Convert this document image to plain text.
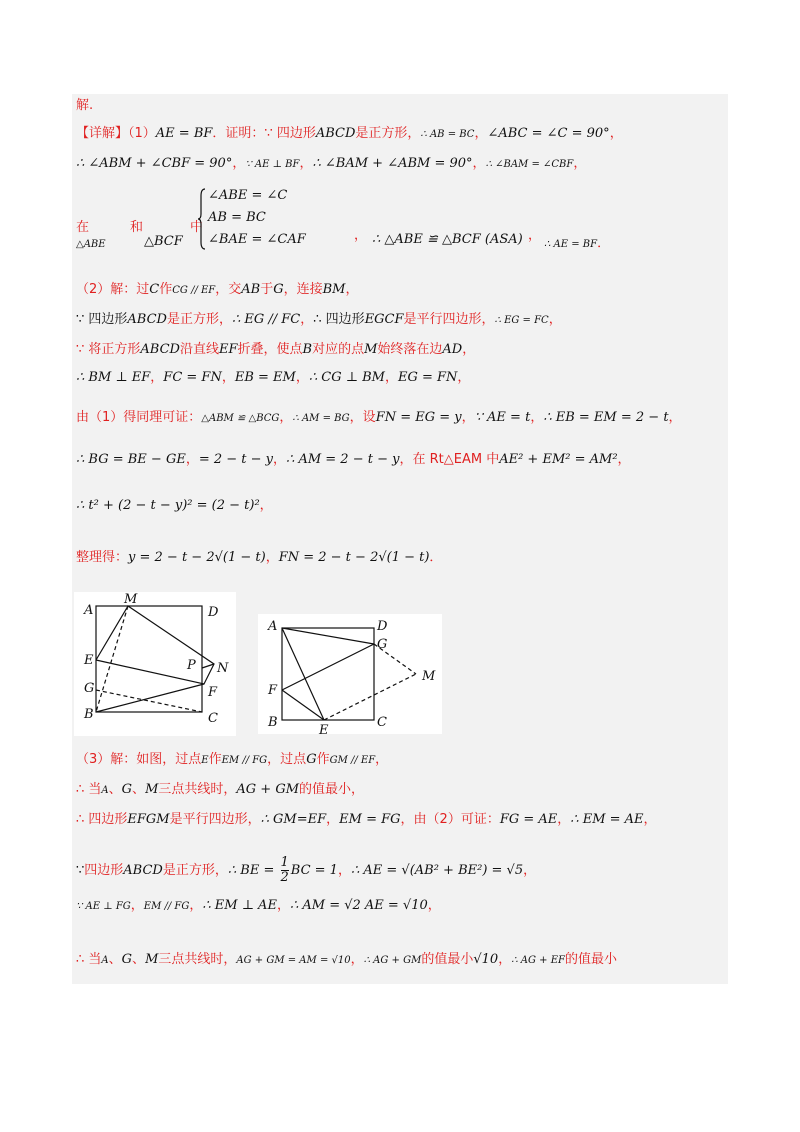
解.
【详解】（1）AE = BF．证明：∵ 四边形ABCD是正方形，∴ AB = BC，∠ABC = ∠C = 90°，
∴ ∠ABM + ∠CBF = 90°，∵ AE ⊥ BF，∴ ∠BAM + ∠ABM = 90°，∴ ∠BAM = ∠CBF，
在
△ABE
和
△BCF
中
∠ABE = ∠C
AB = BC
∠BAE = ∠CAF	， ∴ △ABE ≌ △BCF (ASA) ，
∴ AE = BF．
（2）解：过C作CG // EF，交AB于G，连接BM，
∵ 四边形ABCD是正方形，∴ EG // FC，∴ 四边形EGCF是平行四边形，∴ EG = FC，
∵ 将正方形ABCD沿直线EF折叠，使点B对应的点M始终落在边AD，
∴ BM ⊥ EF，FC = FN，EB = EM，∴ CG ⊥ BM，EG = FN，
由（1）得同理可证：△ABM ≌ △BCG，∴ AM = BG，设FN = EG = y，∵ AE = t，∴ EB = EM = 2 − t，
∴ BG = BE − GE，= 2 − t − y，∴ AM = 2 − t − y，在 Rt△EAM 中AE² + EM² = AM²，
∴ t² + (2 − t − y)² = (2 − t)²，
整理得：y = 2 − t − 2√(1 − t)，FN = 2 − t − 2√(1 − t)．
A
M
D
E
G
P N
F
B	C
A	D
G
M
F
B
E
C
（3）解：如图，过点E作EM // FG，过点G作GM // EF，
∴ 当A、G、M三点共线时，AG + GM的值最小，
∴ 四边形EFGM是平行四边形，∴ GM=EF，EM = FG，由（2）可证：FG = AE，∴ EM = AE，
∵四边形ABCD是正方形，∴ BE = $\frac{1}{2}$ BC = 1，∴ AE = √(AB² + BE²) = √5，
∵ AE ⊥ FG，EM // FG，∴ EM ⊥ AE，∴ AM = √2 AE = √10，
∴ 当A、G、M三点共线时，AG + GM = AM = √10，∴ AG + GM的值最小√10，∴ AG + EF的值最小
